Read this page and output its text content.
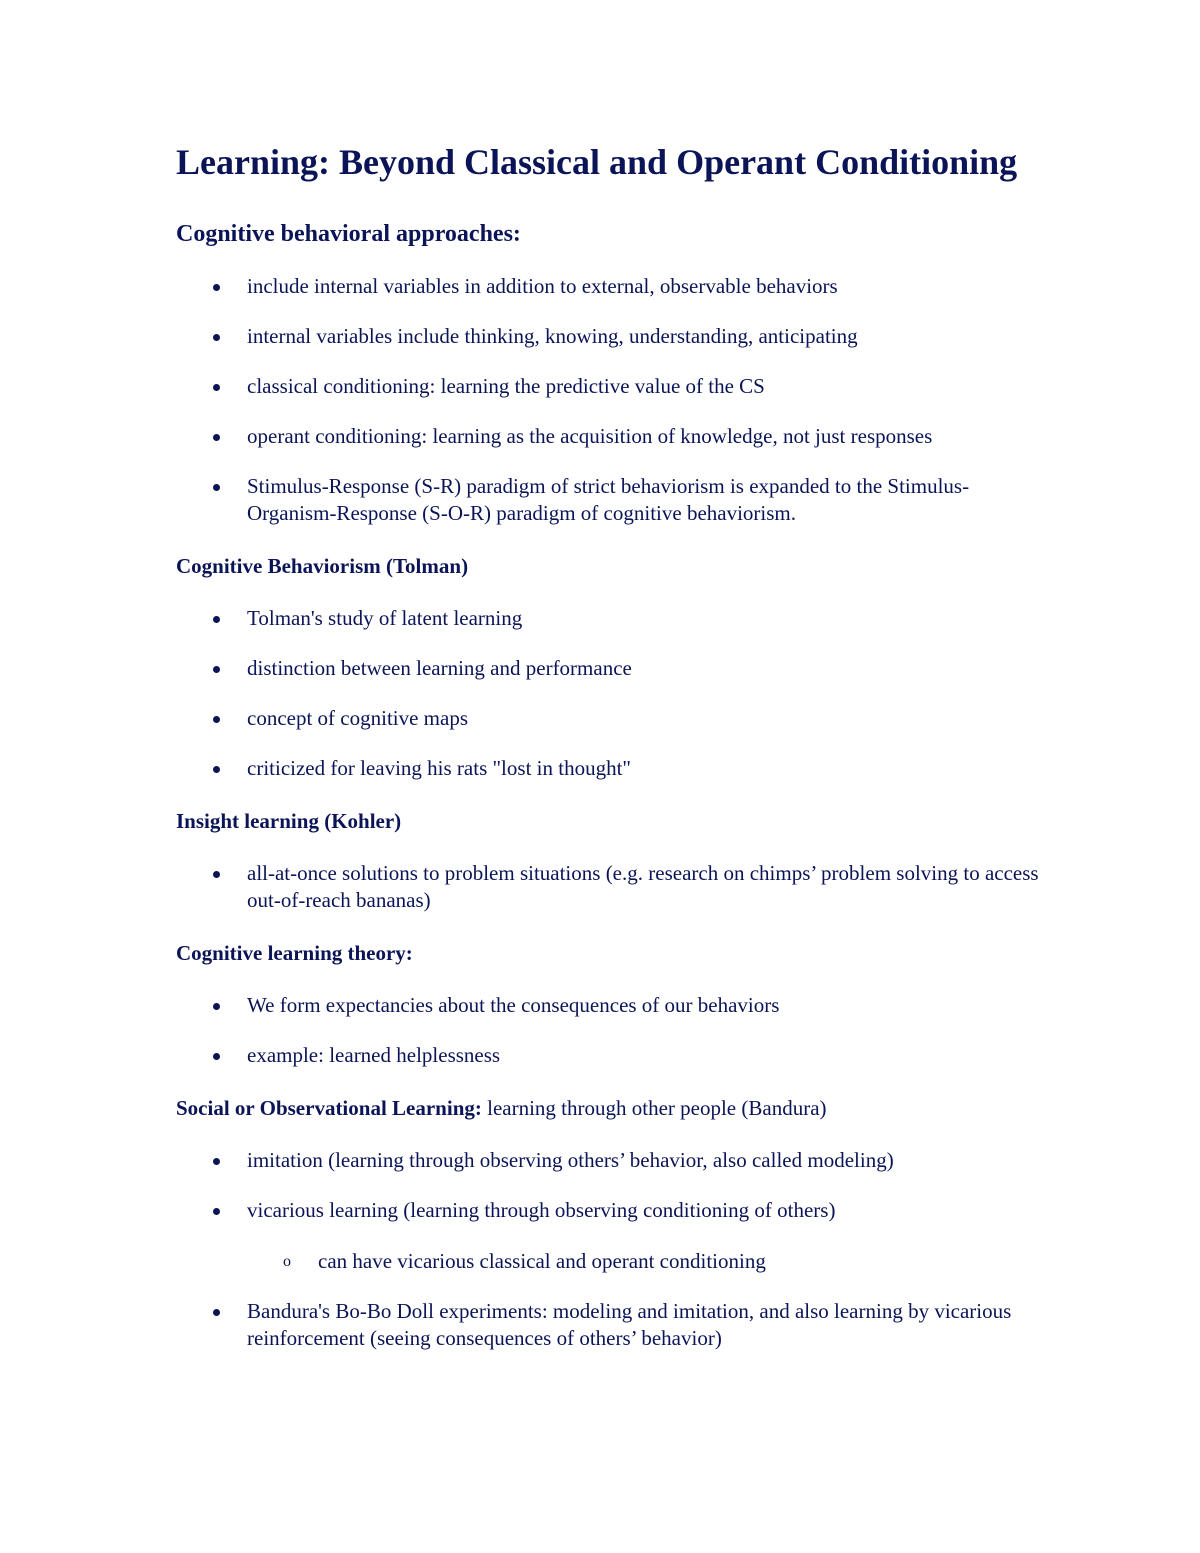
Learning: Beyond Classical and Operant Conditioning
Cognitive behavioral approaches:
include internal variables in addition to external, observable behaviors
internal variables include thinking, knowing, understanding, anticipating
classical conditioning: learning the predictive value of the CS
operant conditioning: learning as the acquisition of knowledge, not just responses
Stimulus-Response (S-R) paradigm of strict behaviorism is expanded to the Stimulus-Organism-Response (S-O-R) paradigm of cognitive behaviorism.
Cognitive Behaviorism (Tolman)
Tolman's study of latent learning
distinction between learning and performance
concept of cognitive maps
criticized for leaving his rats "lost in thought"
Insight learning (Kohler)
all-at-once solutions to problem situations (e.g. research on chimps’ problem solving to access out-of-reach bananas)
Cognitive learning theory:
We form expectancies about the consequences of our behaviors
example: learned helplessness
Social or Observational Learning: learning through other people (Bandura)
imitation (learning through observing others’ behavior, also called modeling)
vicarious learning (learning through observing conditioning of others)
o can have vicarious classical and operant conditioning
Bandura's Bo-Bo Doll experiments: modeling and imitation, and also learning by vicarious reinforcement (seeing consequences of others’ behavior)
